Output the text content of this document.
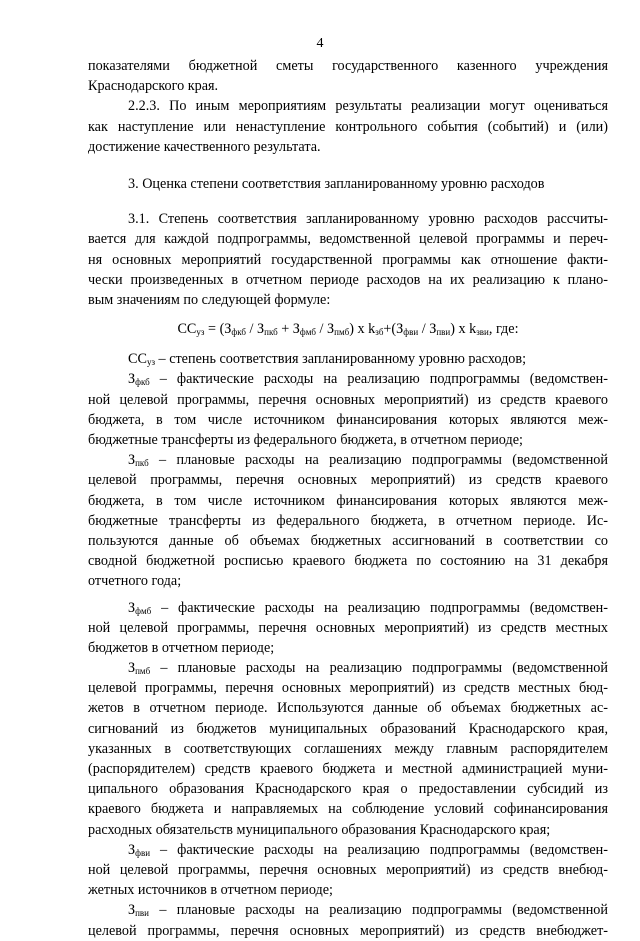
4
показателями бюджетной сметы государственного казенного учреждения
Краснодарского края.
2.2.3. По иным мероприятиям результаты реализации могут оцениваться
как наступление или ненаступление контрольного события (событий) и (или)
достижение качественного результата.
3. Оценка степени соответствия запланированному уровню расходов
3.1. Степень соответствия запланированному уровню расходов рассчиты-
вается для каждой подпрограммы, ведомственной целевой программы и переч-
ня основных мероприятий государственной программы как отношение факти-
чески произведенных в отчетном периоде расходов на их реализацию к плано-
вым значениям по следующей формуле:
$СС_{уз} = (З_{фкб} / З_{пкб} + З_{фмб} / З_{пмб})$ x $k_{зб}+(З_{фви} / З_{пви})$ x $k_{зви}$, где:
$СС_{уз}$ – степень соответствия запланированному уровню расходов;
$З_{фкб}$ – фактические расходы на реализацию подпрограммы (ведомствен-
ной целевой программы, перечня основных мероприятий) из средств краевого
бюджета, в том числе источником финансирования которых являются меж-
бюджетные трансферты из федерального бюджета, в отчетном периоде;
$З_{пкб}$ – плановые расходы на реализацию подпрограммы (ведомственной
целевой программы, перечня основных мероприятий) из средств краевого
бюджета, в том числе источником финансирования которых являются меж-
бюджетные трансферты из федерального бюджета, в отчетном периоде. Ис-
пользуются данные об объемах бюджетных ассигнований в соответствии со
сводной бюджетной росписью краевого бюджета по состоянию на 31 декабря
отчетного года;
$З_{фмб}$ – фактические расходы на реализацию подпрограммы (ведомствен-
ной целевой программы, перечня основных мероприятий) из средств местных
бюджетов в отчетном периоде;
$З_{пмб}$ – плановые расходы на реализацию подпрограммы (ведомственной
целевой программы, перечня основных мероприятий) из средств местных бюд-
жетов в отчетном периоде. Используются данные об объемах бюджетных ас-
сигнований из бюджетов муниципальных образований Краснодарского края,
указанных в соответствующих соглашениях между главным распорядителем
(распорядителем) средств краевого бюджета и местной администрацией муни-
ципального образования Краснодарского края о предоставлении субсидий из
краевого бюджета и направляемых на соблюдение условий софинансирования
расходных обязательств муниципального образования Краснодарского края;
$З_{фви}$ – фактические расходы на реализацию подпрограммы (ведомствен-
ной целевой программы, перечня основных мероприятий) из средств внебюд-
жетных источников в отчетном периоде;
$З_{пви}$ – плановые расходы на реализацию подпрограммы (ведомственной
целевой программы, перечня основных мероприятий) из средств внебюджет-
